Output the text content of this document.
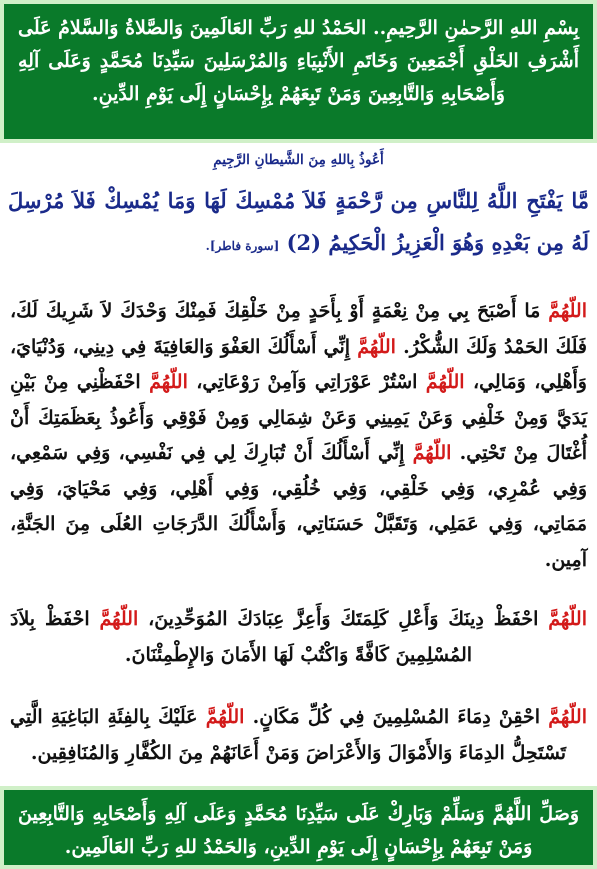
بِسْمِ اللهِ الرَّحمٰنِ الرَّحِيمِ.. الحَمْدُ للهِ رَبِّ العَالَمِينَ وَالصَّلاةُ وَالسَّلامُ عَلَى أَشْرَفِ الخَلْقِ أَجْمَعِينَ وَخَاتَمِ الأَنْبِيَاءِ وَالمُرْسَلِينَ سَيِّدِنَا مُحَمَّدٍ وَعَلَى آلِهِ وَأَصْحَابِهِ وَالتَّابِعِينَ وَمَنْ تَبِعَهُمْ بِإِحْسَانٍ إِلَى يَوْمِ الدِّينِ.
أَعُوذُ بِاللهِ مِنَ الشَّيطانِ الرَّجِيمِ
مَّا يَفْتَحِ اللَّهُ لِلنَّاسِ مِن رَّحْمَةٍ فَلاَ مُمْسِكَ لَهَا وَمَا يُمْسِكْ فَلاَ مُرْسِلَ لَهُ مِن بَعْدِهِ وَهُوَ الْعَزِيزُ الْحَكِيمُ (2) [سورة فاطر].
اللّهُمَّ مَا أَصْبَحَ بِي مِنْ نِعْمَةٍ أَوْ بِأَحَدٍ مِنْ خَلْقِكَ فَمِنْكَ وَحْدَكَ لاَ شَرِيكَ لَكَ، فَلَكَ الحَمْدُ وَلَكَ الشُّكْرُ. اللّهُمَّ إِنِّي أَسْأَلُكَ العَفْوَ وَالعَافِيَةَ فِي دِينِي، وَدُنْيَايَ، وَأَهْلِي، وَمَالِي، اللّهُمَّ اسْتُرْ عَوْرَاتِي وَآمِنْ رَوْعَاتِي، اللّهُمَّ احْفَظْنِي مِنْ بَيْنِ يَدَيَّ وَمِنْ خَلْفِي وَعَنْ يَمِينِي وَعَنْ شِمَالِي وَمِنْ فَوْقِي وَأَعُوذُ بِعَظَمَتِكَ أَنْ أُغْتَالَ مِنْ تَحْتِي. اللّهُمَّ إِنِّي أَسْأَلُكَ أَنْ تُبَارِكَ لِي فِي نَفْسِي، وَفِي سَمْعِي، وَفِي عُمْرِي، وَفِي خَلْقِي، وَفِي خُلُقِي، وَفِي أَهْلِي، وَفِي مَحْيَايَ، وَفِي مَمَاتِي، وَفِي عَمَلِي، وَتَقَبَّلْ حَسَنَاتِي، وَأَسْأَلُكَ الدَّرَجَاتِ العُلَى مِنَ الجَنَّةِ، آمِين.
اللّهُمَّ احْفَظْ دِينَكَ وَأَعْلِ كَلِمَتَكَ وَأَعِزَّ عِبَادَكَ المُوَحِّدِينَ، اللّهُمَّ احْفَظْ بِلاَدَ المُسْلِمِينَ كَافَّةً وَاكْتُبْ لَهَا الأَمَانَ وَالإِطْمِئْنَانَ.
اللّهُمَّ احْقِنْ دِمَاءَ المُسْلِمِينَ فِي كُلِّ مَكَانٍ. اللّهُمَّ عَلَيْكَ بِالفِئَةِ البَاغِيَةِ الَّتِي تَسْتَحِلُّ الدِمَاءَ وَالأَمْوَالَ وَالأَعْرَاضَ وَمَنْ أَعَانَهُمْ مِنَ الكُفَّارِ وَالمُنَافِقِين.
وَصَلِّ اللَّهُمَّ وَسَلِّمْ وَبَارِكْ عَلَى سَيِّدِنَا مُحَمَّدٍ وَعَلَى آلِهِ وَأَصْحَابِهِ وَالتَّابِعِينَ وَمَنْ تَبِعَهُمْ بِإِحْسَانٍ إِلَى يَوْمِ الدِّينِ، وَالحَمْدُ للهِ رَبِّ العَالَمِين.
